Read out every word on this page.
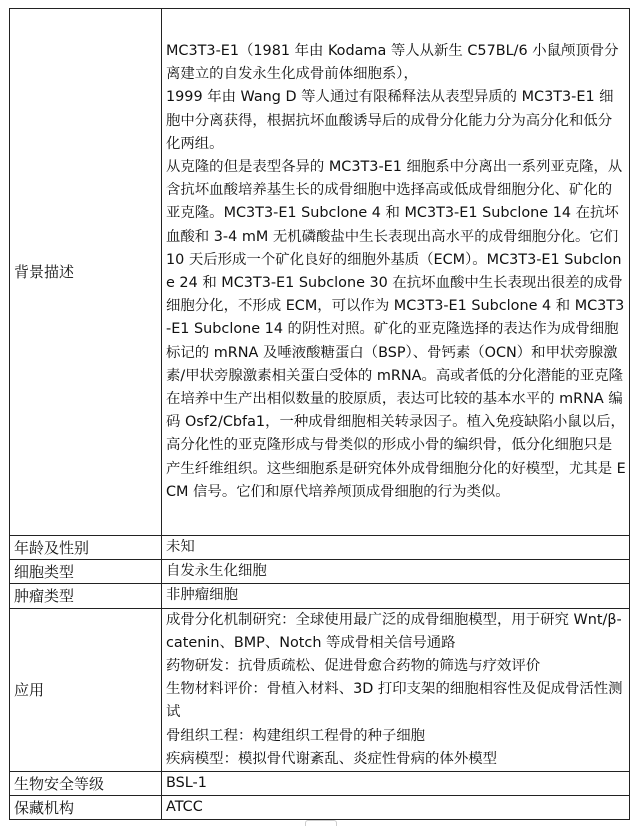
背景描述	MC3T3-E1（1981 年由 Kodama 等人从新生 C57BL/6 小鼠颅顶骨分离建立的自发永生化成骨前体细胞系），
1999 年由 Wang D 等人通过有限稀释法从表型异质的 MC3T3-E1 细胞中分离获得，根据抗坏血酸诱导后的成骨分化能力分为高分化和低分化两组。
从克隆的但是表型各异的 MC3T3-E1 细胞系中分离出一系列亚克隆，从含抗坏血酸培养基生长的成骨细胞中选择高或低成骨细胞分化、矿化的亚克隆。MC3T3-E1 Subclone 4 和 MC3T3-E1 Subclone 14 在抗坏血酸和 3-4 mM 无机磷酸盐中生长表现出高水平的成骨细胞分化。它们 10 天后形成一个矿化良好的细胞外基质（ECM）。MC3T3-E1 Subclone 24 和 MC3T3-E1 Subclone 30 在抗坏血酸中生长表现出很差的成骨细胞分化，不形成 ECM，可以作为 MC3T3-E1 Subclone 4 和 MC3T3-E1 Subclone 14 的阴性对照。矿化的亚克隆选择的表达作为成骨细胞标记的 mRNA 及唾液酸糖蛋白（BSP）、骨钙素（OCN）和甲状旁腺激素/甲状旁腺激素相关蛋白受体的 mRNA。高或者低的分化潜能的亚克隆在培养中生产出相似数量的胶原质，表达可比较的基本水平的 mRNA 编码 Osf2/Cbfa1，一种成骨细胞相关转录因子。植入免疫缺陷小鼠以后，高分化性的亚克隆形成与骨类似的形成小骨的编织骨，低分化细胞只是产生纤维组织。这些细胞系是研究体外成骨细胞分化的好模型，尤其是 ECM 信号。它们和原代培养颅顶成骨细胞的行为类似。

年龄及性别	未知
细胞类型	自发永生化细胞
肿瘤类型	非肿瘤细胞
应用	成骨分化机制研究：全球使用最广泛的成骨细胞模型，用于研究 Wnt/β-catenin、BMP、Notch 等成骨相关信号通路
药物研发：抗骨质疏松、促进骨愈合药物的筛选与疗效评价
生物材料评价：骨植入材料、3D 打印支架的细胞相容性及促成骨活性测试
骨组织工程：构建组织工程骨的种子细胞
疾病模型：模拟骨代谢紊乱、炎症性骨病的体外模型

生物安全等级	BSL-1
保藏机构	ATCC
